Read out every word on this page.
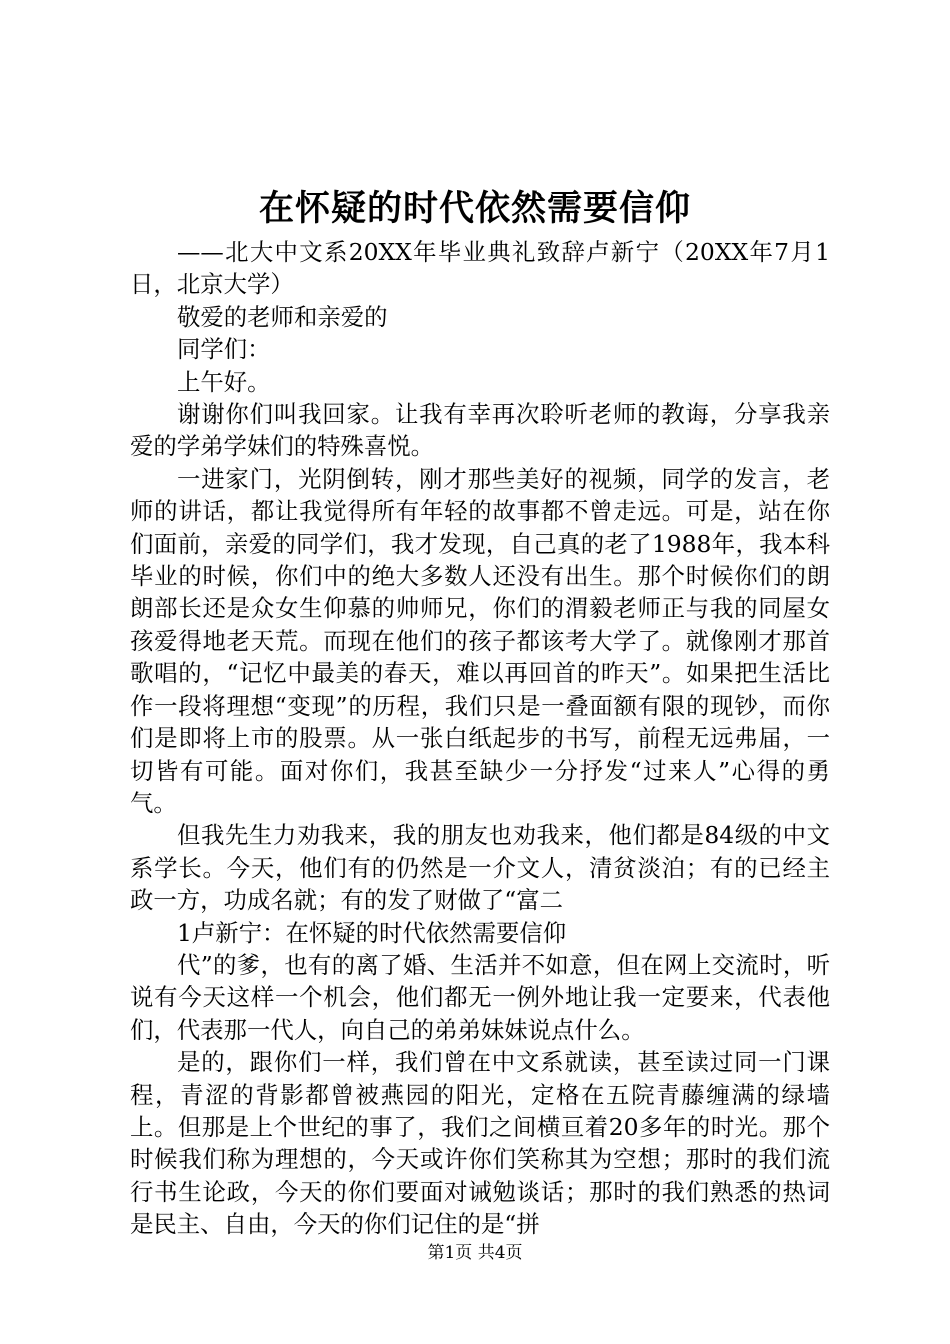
在怀疑的时代依然需要信仰

——北大中文系20XX年毕业典礼致辞卢新宁（20XX年7月1日，北京大学）

敬爱的老师和亲爱的

同学们：

上午好。

谢谢你们叫我回家。让我有幸再次聆听老师的教诲，分享我亲爱的学弟学妹们的特殊喜悦。

一进家门，光阴倒转，刚才那些美好的视频，同学的发言，老师的讲话，都让我觉得所有年轻的故事都不曾走远。可是，站在你们面前，亲爱的同学们，我才发现，自己真的老了1988年，我本科毕业的时候，你们中的绝大多数人还没有出生。那个时候你们的朗朗部长还是众女生仰慕的帅师兄，你们的渭毅老师正与我的同屋女孩爱得地老天荒。而现在他们的孩子都该考大学了。就像刚才那首歌唱的，“记忆中最美的春天，难以再回首的昨天”。如果把生活比作一段将理想“变现”的历程，我们只是一叠面额有限的现钞，而你们是即将上市的股票。从一张白纸起步的书写，前程无远弗届，一切皆有可能。面对你们，我甚至缺少一分抒发“过来人”心得的勇气。

但我先生力劝我来，我的朋友也劝我来，他们都是84级的中文系学长。今天，他们有的仍然是一介文人，清贫淡泊；有的已经主政一方，功成名就；有的发了财做了“富二

1卢新宁：在怀疑的时代依然需要信仰

代”的爹，也有的离了婚、生活并不如意，但在网上交流时，听说有今天这样一个机会，他们都无一例外地让我一定要来，代表他们，代表那一代人，向自己的弟弟妹妹说点什么。

是的，跟你们一样，我们曾在中文系就读，甚至读过同一门课程，青涩的背影都曾被燕园的阳光，定格在五院青藤缠满的绿墙上。但那是上个世纪的事了，我们之间横亘着20多年的时光。那个时候我们称为理想的，今天或许你们笑称其为空想；那时的我们流行书生论政，今天的你们要面对诫勉谈话；那时的我们熟悉的热词是民主、自由，今天的你们记住的是“拼

第1页 共4页
